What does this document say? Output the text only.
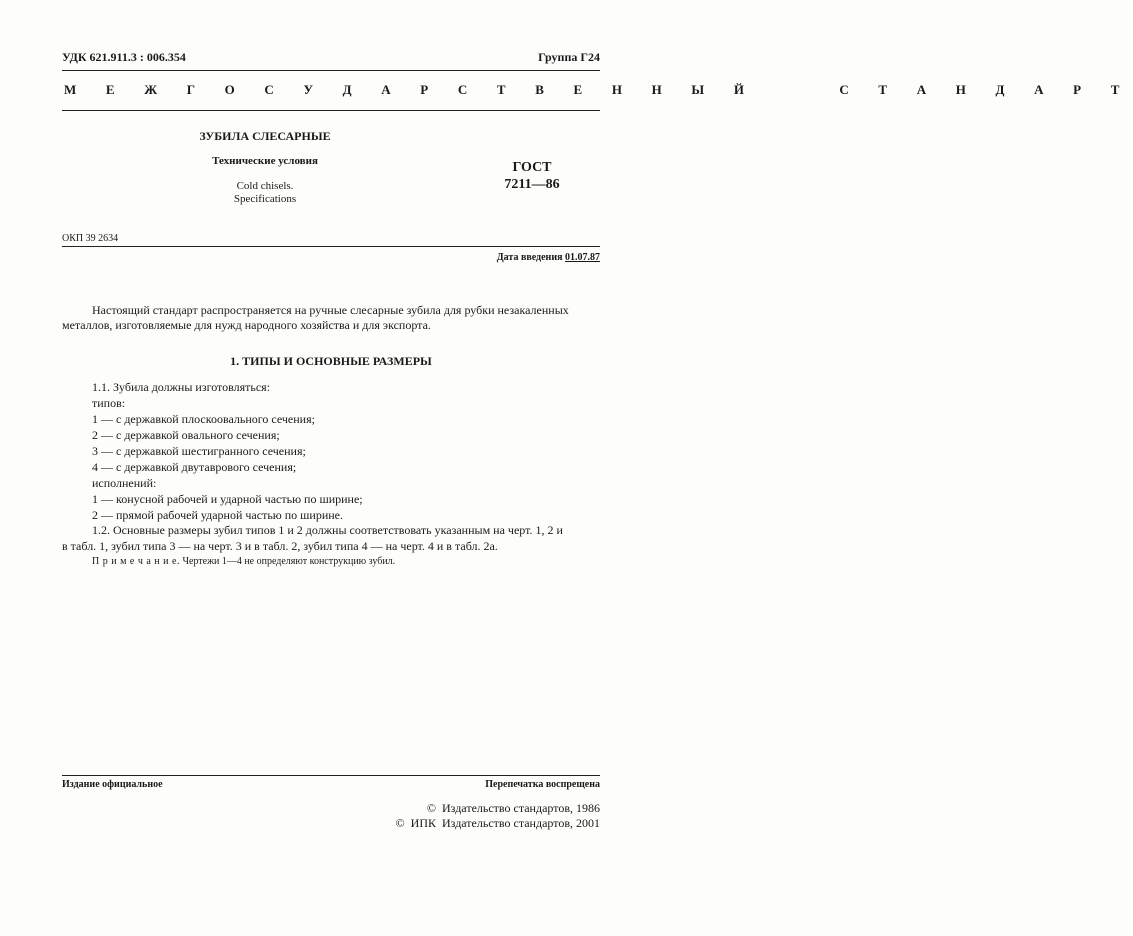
УДК 621.911.3 : 006.354	Группа Г24
М Е Ж Г О С У Д А Р С Т В Е Н Н Ы Й     С Т А Н Д А Р Т
ЗУБИЛА СЛЕСАРНЫЕ
Технические условия
Cold chisels.
Specifications
ГОСТ
7211—86
ОКП 39 2634
Дата введения 01.07.87
Настоящий стандарт распространяется на ручные слесарные зубила для рубки незакаленных
металлов, изготовляемые для нужд народного хозяйства и для экспорта.
1. ТИПЫ И ОСНОВНЫЕ РАЗМЕРЫ
1.1. Зубила должны изготовляться:
типов:
1 — с державкой плоскоовального сечения;
2 — с державкой овального сечения;
3 — с державкой шестигранного сечения;
4 — с державкой двутаврового сечения;
исполнений:
1 — конусной рабочей и ударной частью по ширине;
2 — прямой рабочей ударной частью по ширине.
1.2. Основные размеры зубил типов 1 и 2 должны соответствовать указанным на черт. 1, 2 и
в табл. 1, зубил типа 3 — на черт. 3 и в табл. 2, зубил типа 4 — на черт. 4 и в табл. 2а.
П р и м е ч а н и е. Чертежи 1—4 не определяют конструкцию зубил.
Издание официальное	Перепечатка воспрещена
©  Издательство стандартов, 1986
©  ИПК  Издательство стандартов, 2001
